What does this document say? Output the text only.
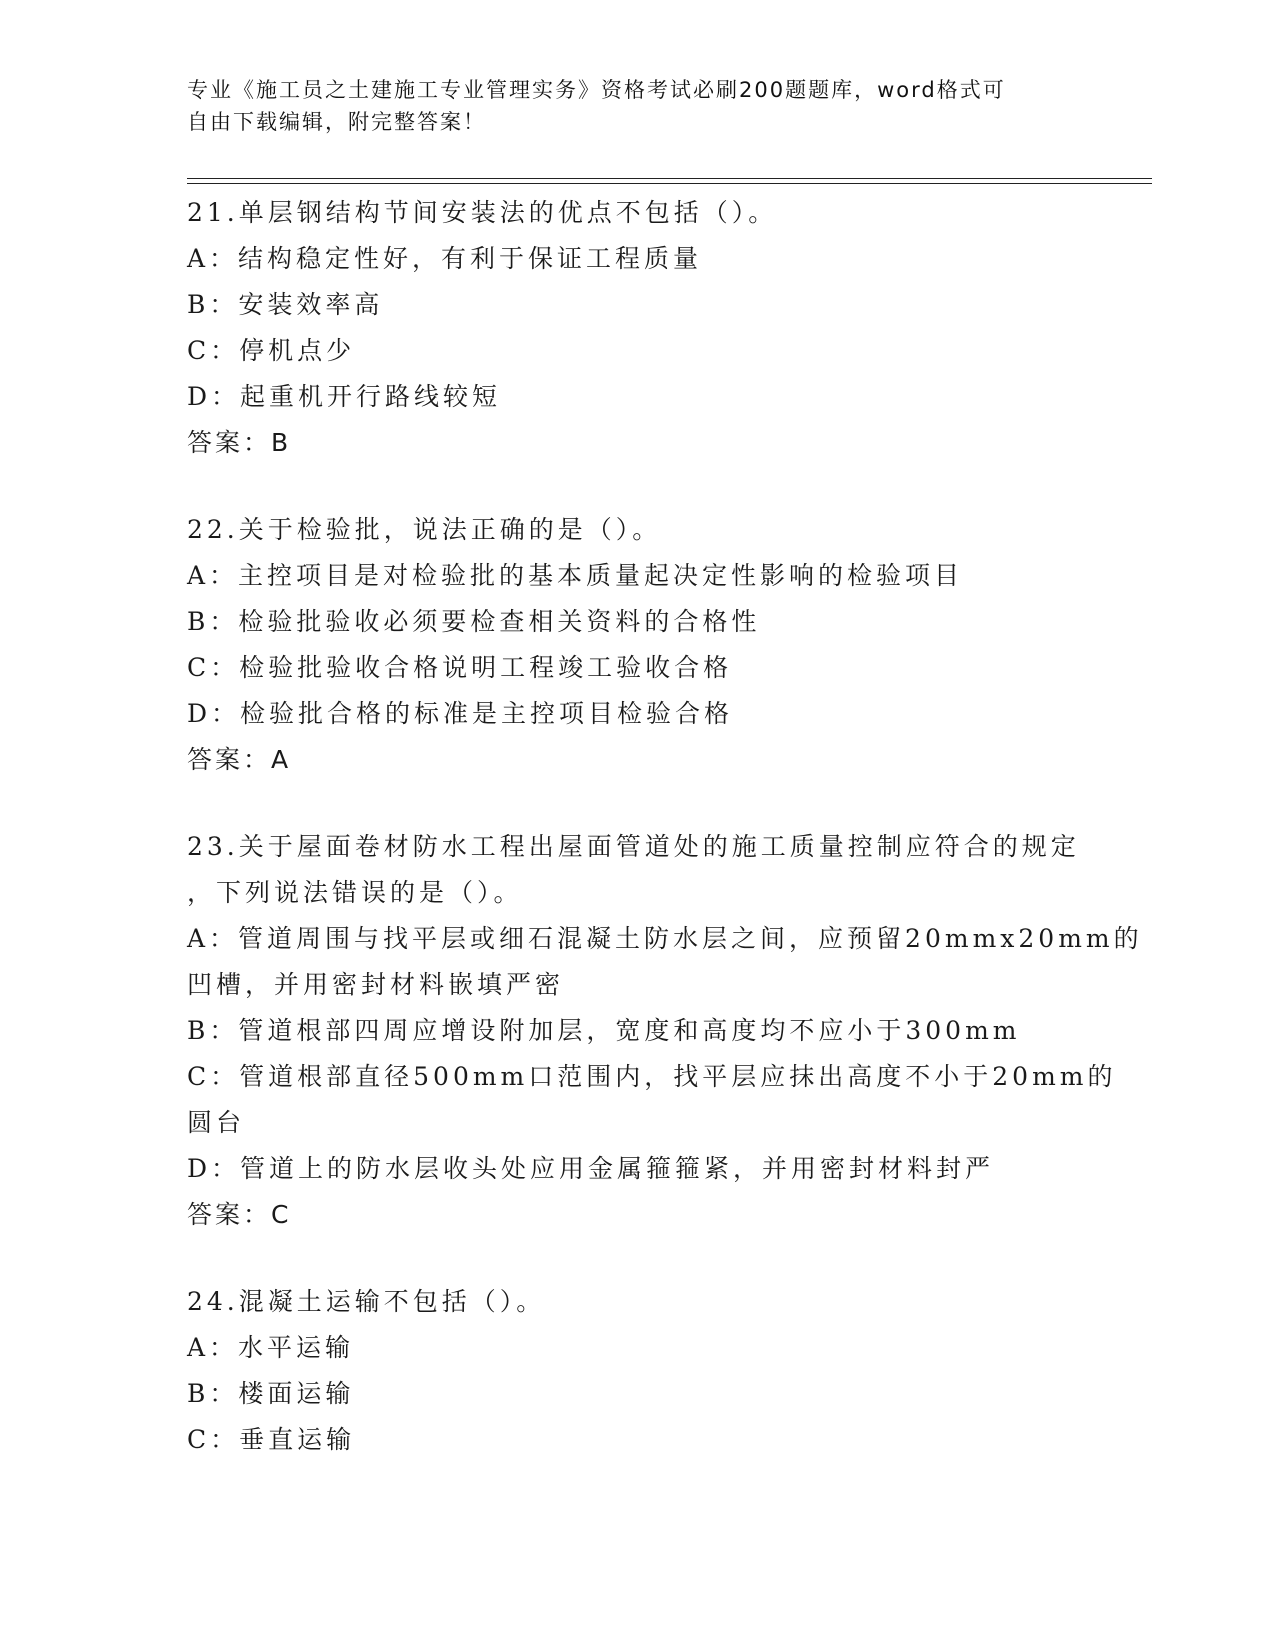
专业《施工员之土建施工专业管理实务》资格考试必刷200题题库，word格式可
自由下载编辑，附完整答案！
21.单层钢结构节间安装法的优点不包括（）。
A：结构稳定性好，有利于保证工程质量
B：安装效率高
C：停机点少
D：起重机开行路线较短
答案：B
22.关于检验批，说法正确的是（）。
A：主控项目是对检验批的基本质量起决定性影响的检验项目
B：检验批验收必须要检查相关资料的合格性
C：检验批验收合格说明工程竣工验收合格
D：检验批合格的标准是主控项目检验合格
答案：A
23.关于屋面卷材防水工程出屋面管道处的施工质量控制应符合的规定
，下列说法错误的是（）。
A：管道周围与找平层或细石混凝土防水层之间，应预留20mmx20mm的
凹槽，并用密封材料嵌填严密
B：管道根部四周应增设附加层，宽度和高度均不应小于300mm
C：管道根部直径500mm口范围内，找平层应抹出高度不小于20mm的
圆台
D：管道上的防水层收头处应用金属箍箍紧，并用密封材料封严
答案：C
24.混凝土运输不包括（）。
A：水平运输
B：楼面运输
C：垂直运输
